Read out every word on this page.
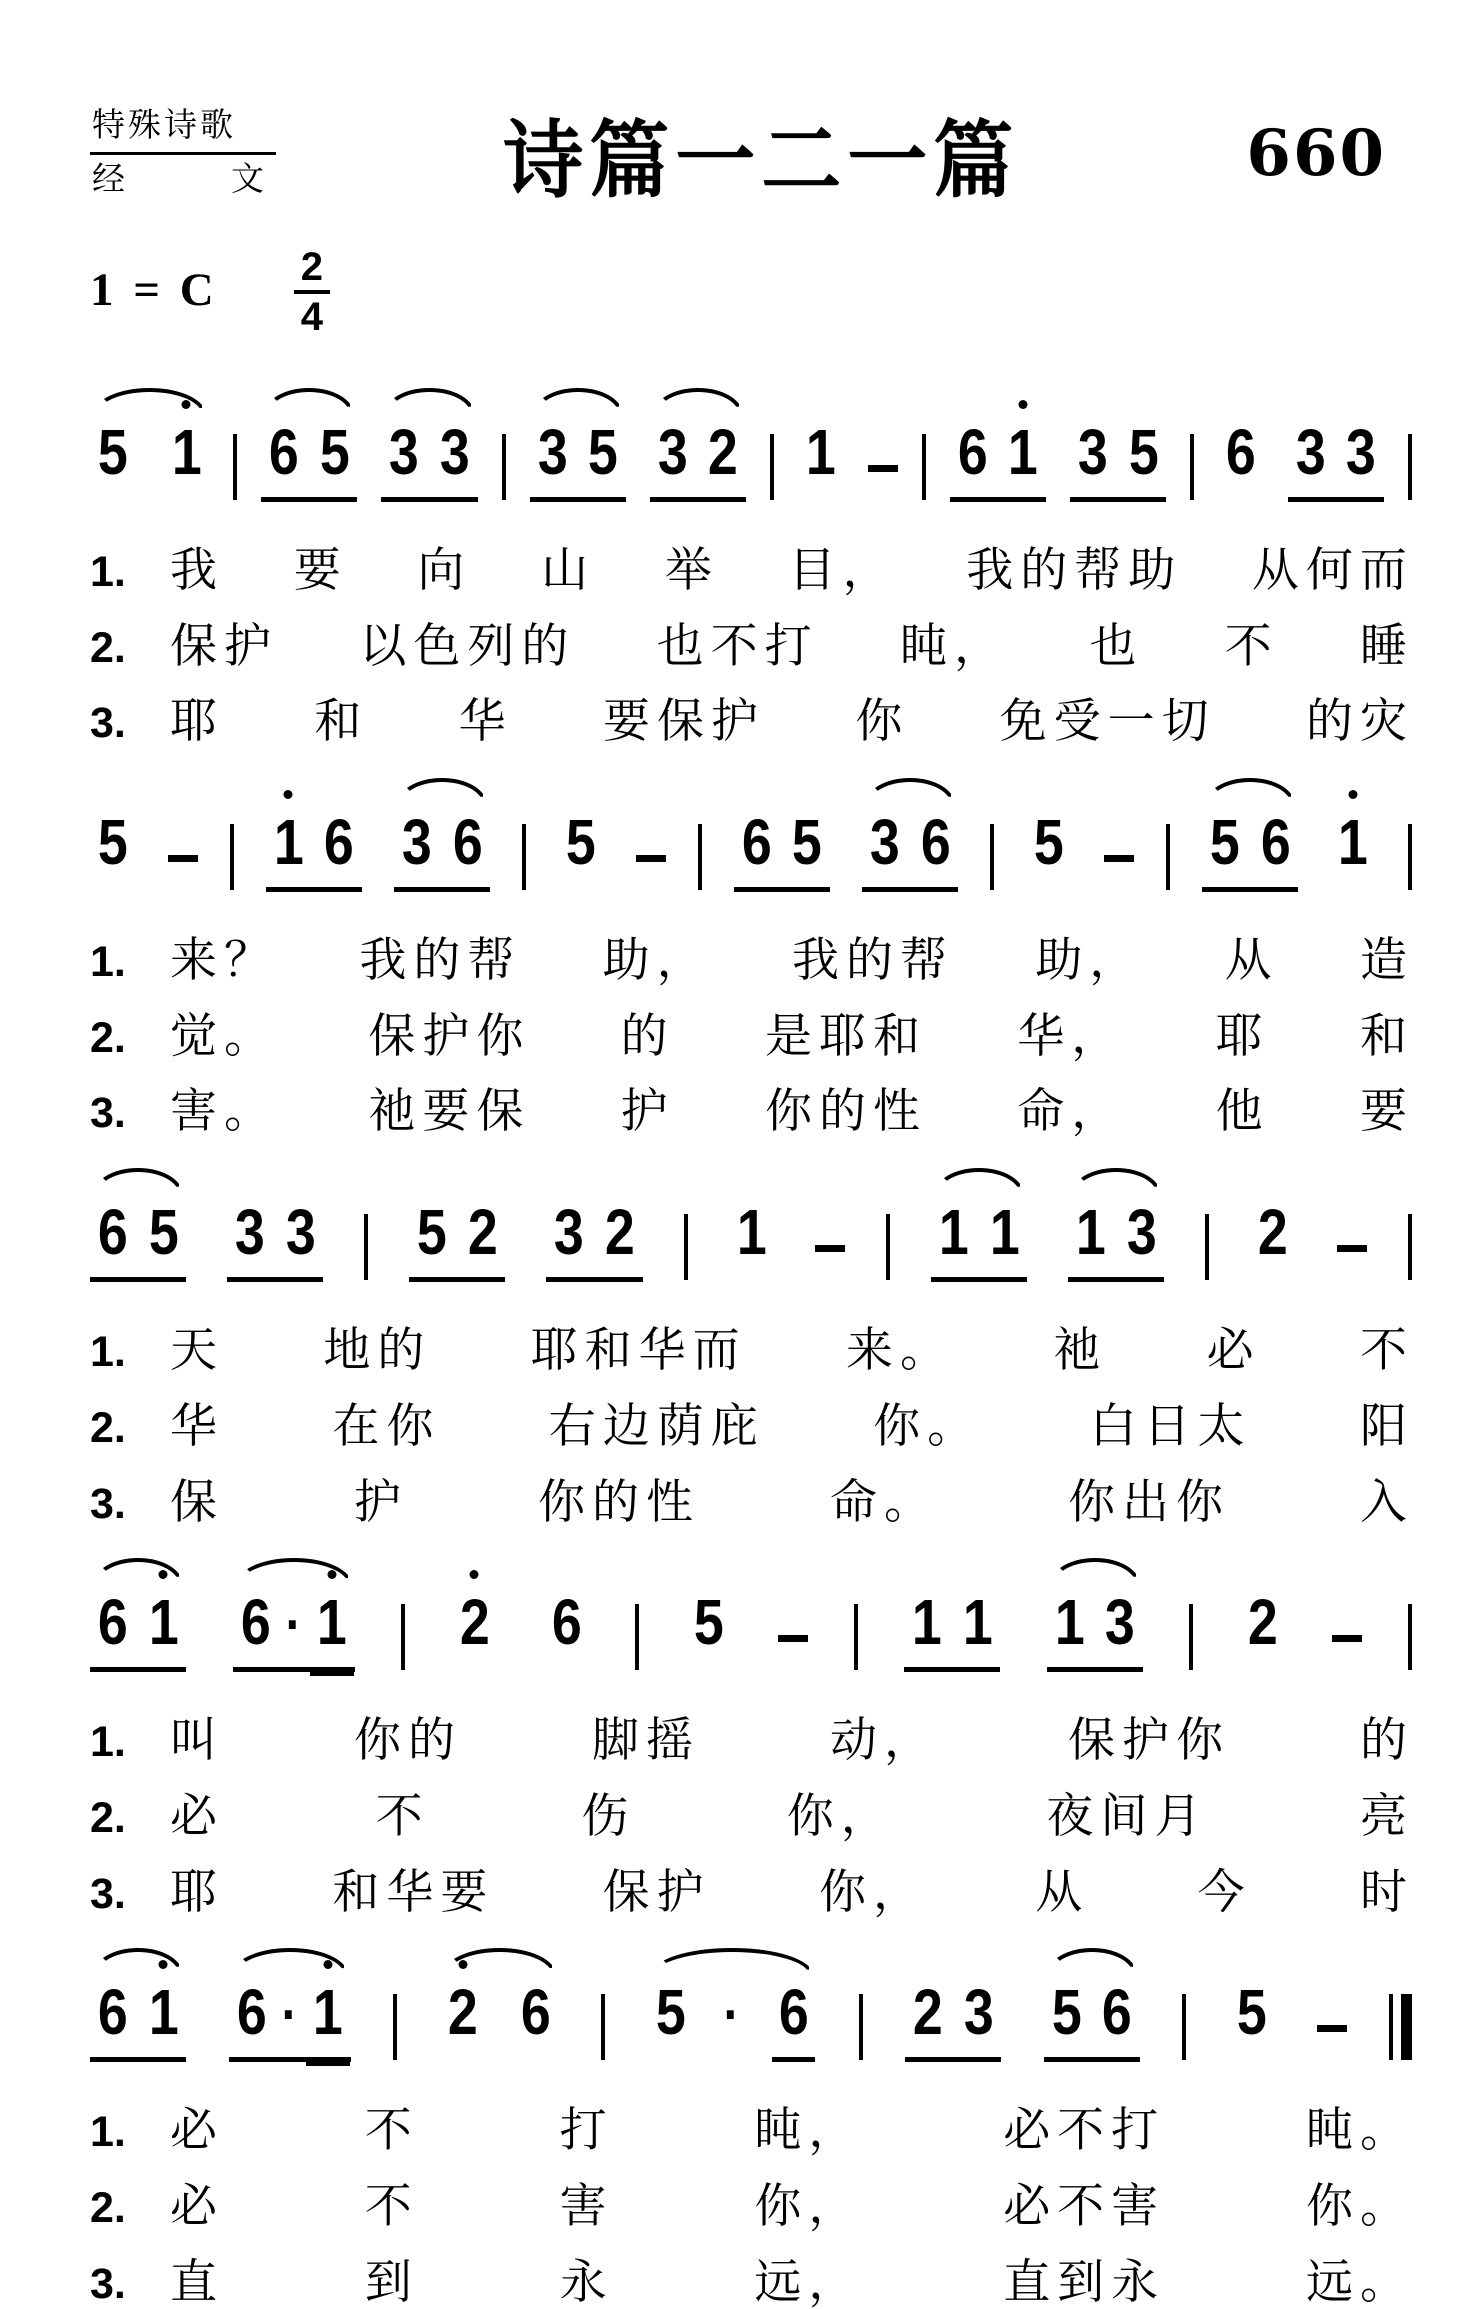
特殊诗歌
经	文	诗篇一二一篇	660
1 = C $\frac{2}{4}$
5 1 6 5 3 3 3 5 3 2 1 6 1 3 5 6 3 3
1. 我 要 向 山 举 目， 我的帮助 从何而
2. 保护 以色列的 也不打 盹， 也 不 睡
3. 耶 和 华 要保护 你 免受一切 的灾
5 1 6 3 6 5 6 5 3 6 5 5 6 1
1. 来？ 我的帮 助， 我的帮 助， 从 造
2. 觉。 保护你 的 是耶和 华， 耶 和
3. 害。 祂要保 护 你的性 命， 他 要
6 5 3 3 5 2 3 2 1	1 1 1 3 2
1. 天 地的 耶和华而 来。 祂 必 不
2. 华 在你 右边荫庇 你。 白日太 阳
3. 保	护	你的性	命。	你出你	入
6 1 6 · 1 2 6 5	1 1 1 3 2
1. 叫	你的	脚摇	动，	保护你	的
2. 必	不	伤	你，	夜间月	亮
3. 耶 和华要 保护 你， 从 今 时
6 1 6 · 1 2 6 5 · 6 2 3 5 6 5
1. 必	不	打	盹，	必不打	盹。
2. 必	不	害	你，	必不害	你。
3. 直	到	永	远，	直到永	远。
